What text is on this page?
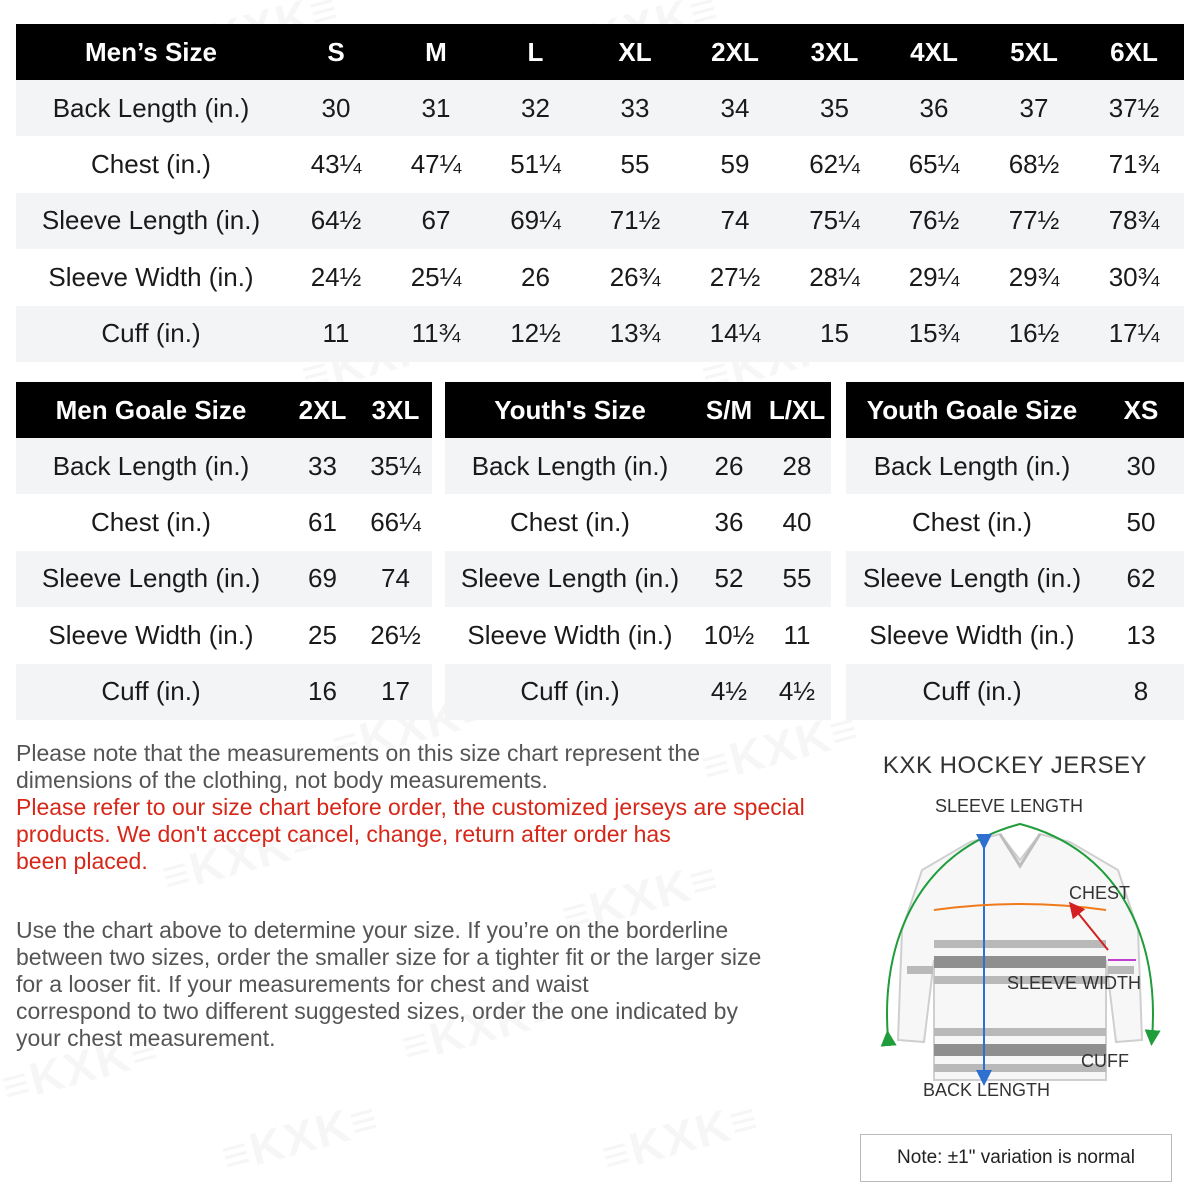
Men’s Size	S	M	L	XL	2XL	3XL	4XL	5XL	6XL
Back Length (in.)	30	31	32	33	34	35	36	37	37½
Chest (in.)	43¼	47¼	51¼	55	59	62¼	65¼	68½	71¾
Sleeve Length (in.)	64½	67	69¼	71½	74	75¼	76½	77½	78¾
Sleeve Width (in.)	24½	25¼	26	26¾	27½	28¼	29¼	29¾	30¾
Cuff (in.)	11	11¾	12½	13¾	14¼	15	15¾	16½	17¼
Men Goale Size	2XL	3XL
Back Length (in.)	33	35¼
Chest (in.)	61	66¼
Sleeve Length (in.)	69	74
Sleeve Width (in.)	25	26½
Cuff (in.)	16	17
Youth's Size	S/M	L/XL
Back Length (in.)	26	28
Chest (in.)	36	40
Sleeve Length (in.)	52	55
Sleeve Width (in.)	10½	11
Cuff (in.)	4½	4½
Youth Goale Size	XS
Back Length (in.)	30
Chest (in.)	50
Sleeve Length (in.)	62
Sleeve Width (in.)	13
Cuff (in.)	8

Please note that the measurements on this size chart represent the

dimensions of the clothing, not body measurements.

Please refer to our size chart before order, the customized jerseys are special

products. We don't accept cancel, change, return after order has

been placed.

Use the chart above to determine your size. If you’re on the borderline

between two sizes, order the smaller size for a tighter fit or the larger size

for a looser fit. If your measurements for chest and waist

correspond to two different suggested sizes, order the one indicated by

your chest measurement.

KXK HOCKEY JERSEY
SLEEVE LENGTH
CHEST
SLEEVE WIDTH
CUFF
BACK LENGTH
Note: ±1" variation is normal
